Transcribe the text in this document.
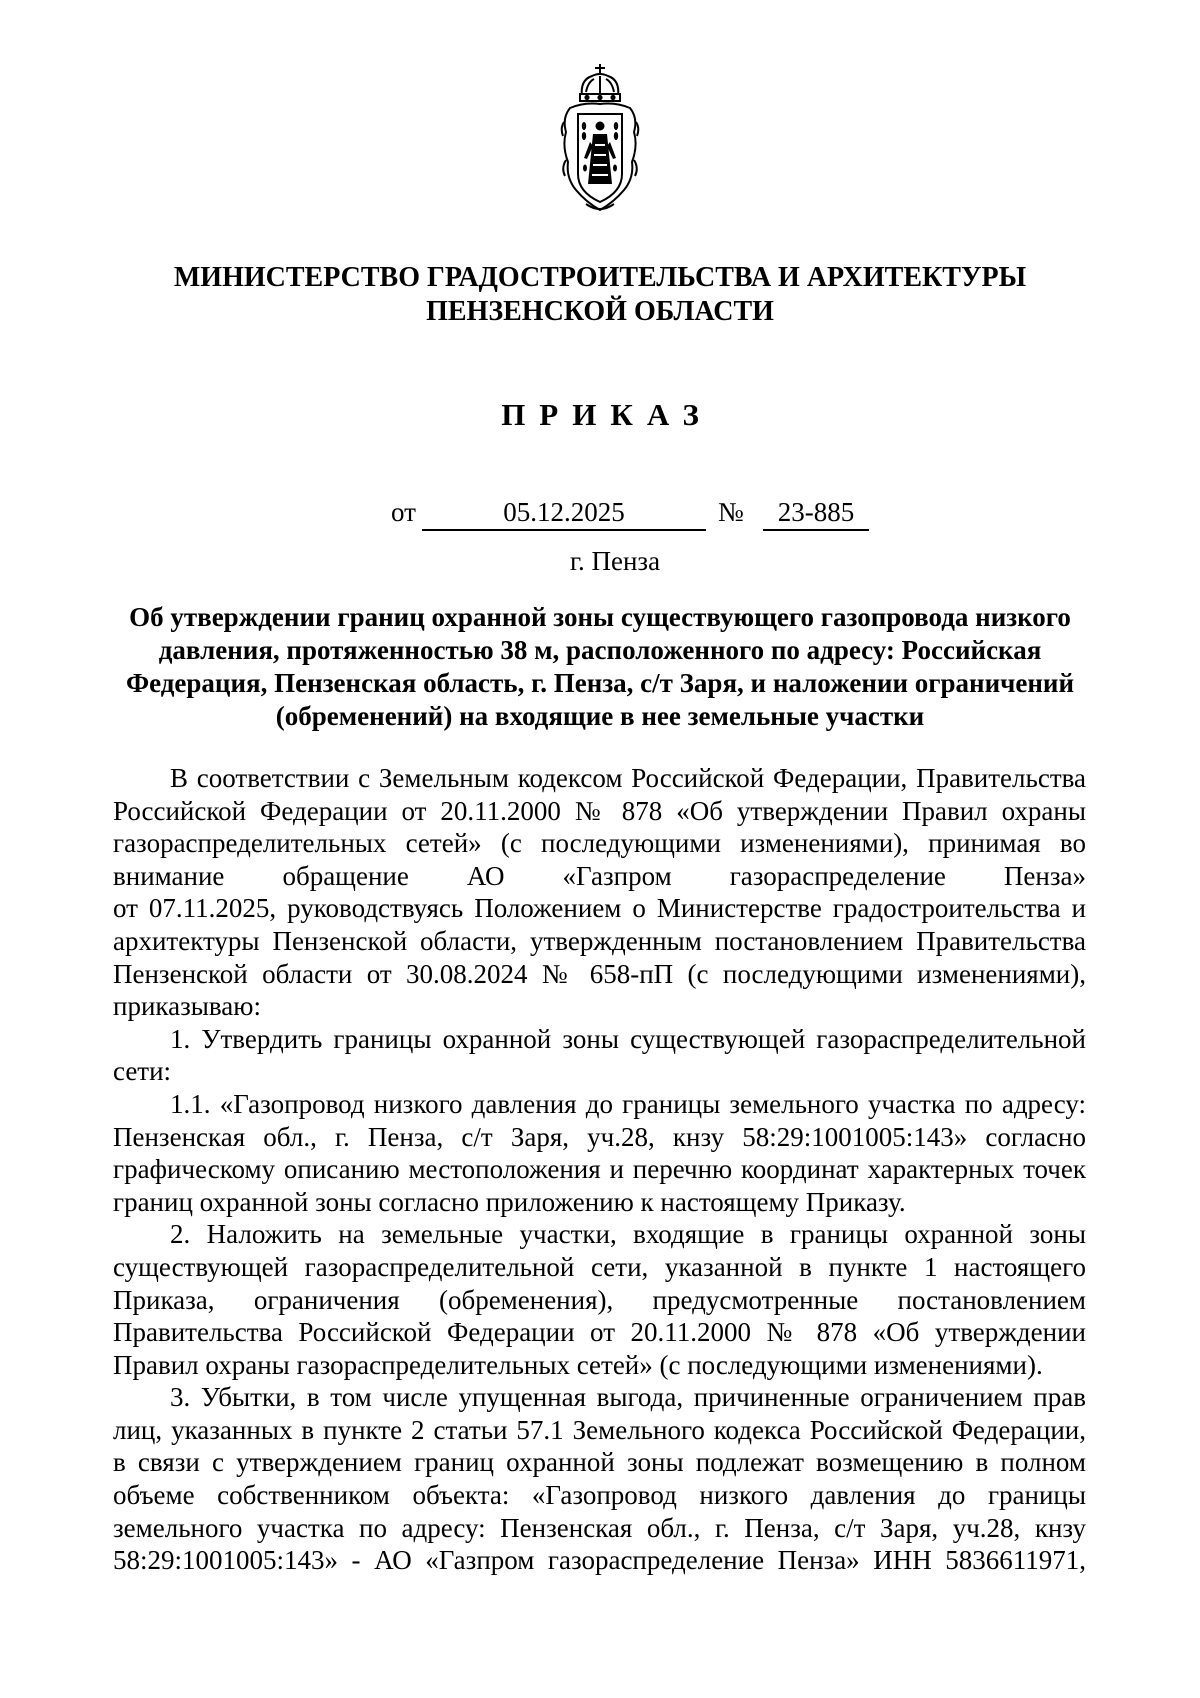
МИНИСТЕРСТВО ГРАДОСТРОИТЕЛЬСТВА И АРХИТЕКТУРЫ
ПЕНЗЕНСКОЙ ОБЛАСТИ
ПРИКАЗ
от	05.12.2025	№	23-885
г. Пенза
Об утверждении границ охранной зоны существующего газопровода низкого
давления, протяженностью 38 м, расположенного по адресу: Российская
Федерация, Пензенская область, г. Пенза, с/т Заря, и наложении ограничений
(обременений) на входящие в нее земельные участки
В соответствии с Земельным кодексом Российской Федерации, Правительства
Российской Федерации от 20.11.2000 № 878 «Об утверждении Правил охраны
газораспределительных сетей» (с последующими изменениями), принимая во
внимание обращение АО «Газпром газораспределение Пенза»
от 07.11.2025, руководствуясь Положением о Министерстве градостроительства и
архитектуры Пензенской области, утвержденным постановлением Правительства
Пензенской области от 30.08.2024 № 658-пП (с последующими изменениями),
приказываю:
1. Утвердить границы охранной зоны существующей газораспределительной
сети:
1.1. «Газопровод низкого давления до границы земельного участка по адресу:
Пензенская обл., г. Пенза, с/т Заря, уч.28, кнзу 58:29:1001005:143» согласно
графическому описанию местоположения и перечню координат характерных точек
границ охранной зоны согласно приложению к настоящему Приказу.
2. Наложить на земельные участки, входящие в границы охранной зоны
существующей газораспределительной сети, указанной в пункте 1 настоящего
Приказа, ограничения (обременения), предусмотренные постановлением
Правительства Российской Федерации от 20.11.2000 № 878 «Об утверждении
Правил охраны газораспределительных сетей» (с последующими изменениями).
3. Убытки, в том числе упущенная выгода, причиненные ограничением прав
лиц, указанных в пункте 2 статьи 57.1 Земельного кодекса Российской Федерации,
в связи с утверждением границ охранной зоны подлежат возмещению в полном
объеме собственником объекта: «Газопровод низкого давления до границы
земельного участка по адресу: Пензенская обл., г. Пенза, с/т Заря, уч.28, кнзу
58:29:1001005:143» - АО «Газпром газораспределение Пенза» ИНН 5836611971,
